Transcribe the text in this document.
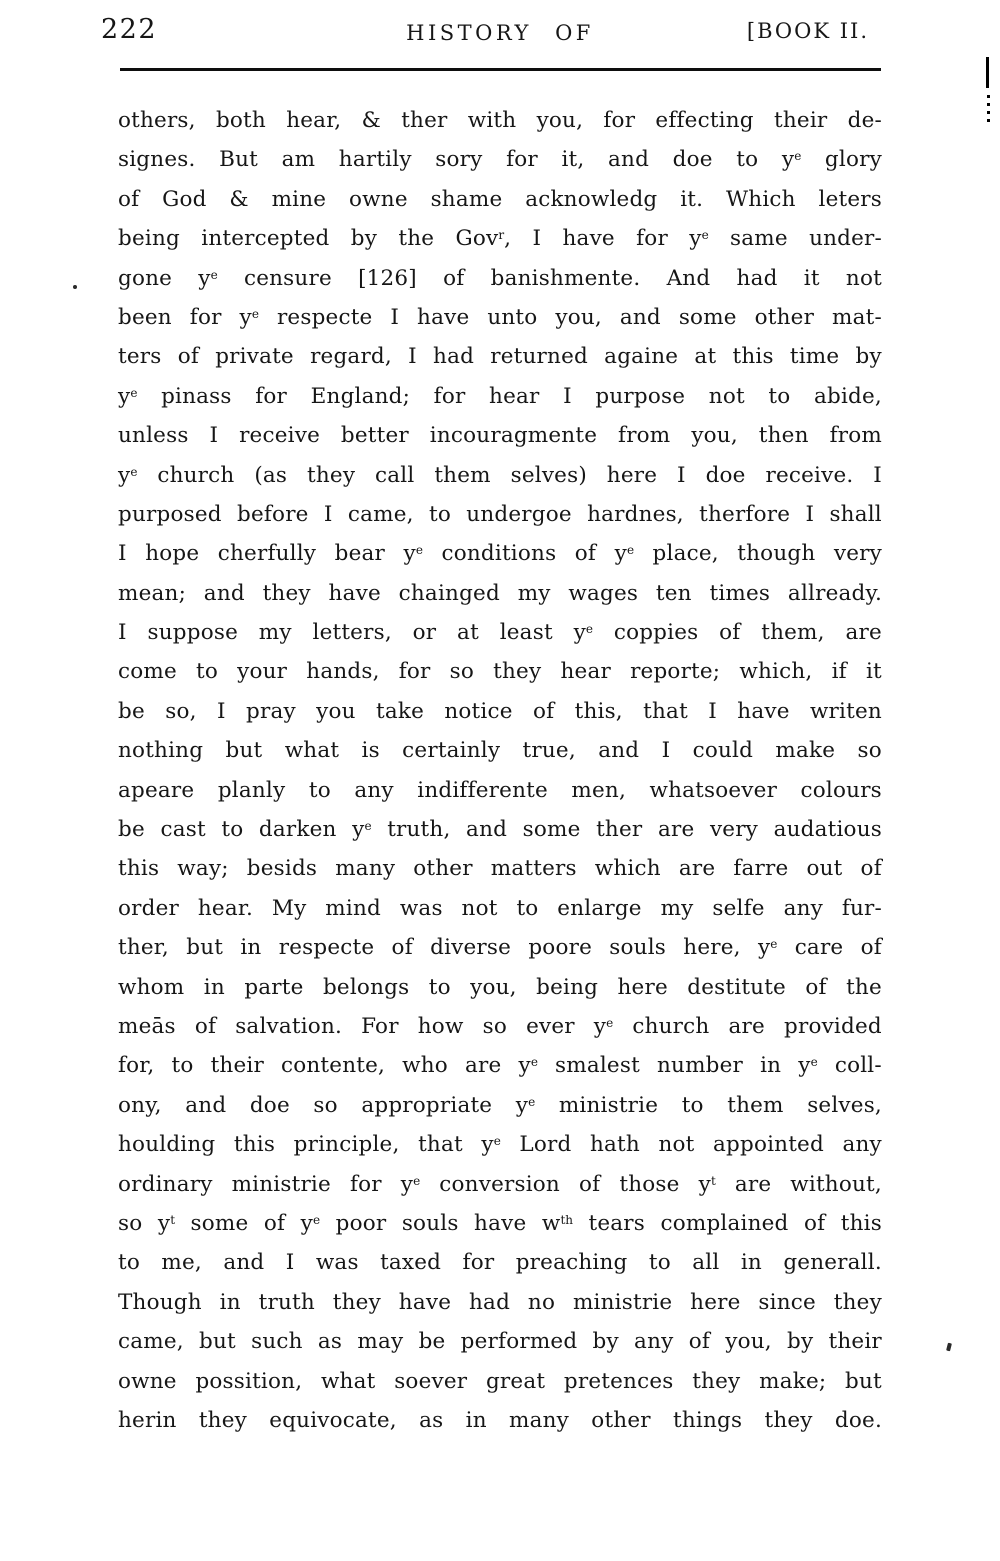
222	HISTORY OF	[BOOK II.
others, both hear, & ther with you, for effecting their de-
signes. But am hartily sory for it, and doe to $y^e$ glory
of God & mine owne shame acknowledg it. Which leters
being intercepted by the Gov$^r$, I have for $y^e$ same under-
gone $y^e$ censure [126] of banishmente. And had it not
been for $y^e$ respecte I have unto you, and some other mat-
ters of private regard, I had returned againe at this time by
$y^e$ pinass for England; for hear I purpose not to abide,
unless I receive better incouragmente from you, then from
$y^e$ church (as they call them selves) here I doe receive. I
purposed before I came, to undergoe hardnes, therfore I shall
I hope cherfully bear $y^e$ conditions of $y^e$ place, though very
mean; and they have chainged my wages ten times allready.
I suppose my letters, or at least $y^e$ coppies of them, are
come to your hands, for so they hear reporte; which, if it
be so, I pray you take notice of this, that I have writen
nothing but what is certainly true, and I could make so
apeare planly to any indifferente men, whatsoever colours
be cast to darken $y^e$ truth, and some ther are very audatious
this way; besids many other matters which are farre out of
order hear. My mind was not to enlarge my selfe any fur-
ther, but in respecte of diverse poore souls here, $y^e$ care of
whom in parte belongs to you, being here destitute of the
meās of salvation. For how so ever $y^e$ church are provided
for, to their contente, who are $y^e$ smalest number in $y^e$ coll-
ony, and doe so appropriate $y^e$ ministrie to them selves,
houlding this principle, that $y^e$ Lord hath not appointed any
ordinary ministrie for $y^e$ conversion of those $y^t$ are without,
so $y^t$ some of $y^e$ poor souls have $w^{th}$ tears complained of this
to me, and I was taxed for preaching to all in generall.
Though in truth they have had no ministrie here since they
came, but such as may be performed by any of you, by their
owne possition, what soever great pretences they make; but
herin they equivocate, as in many other things they doe.
